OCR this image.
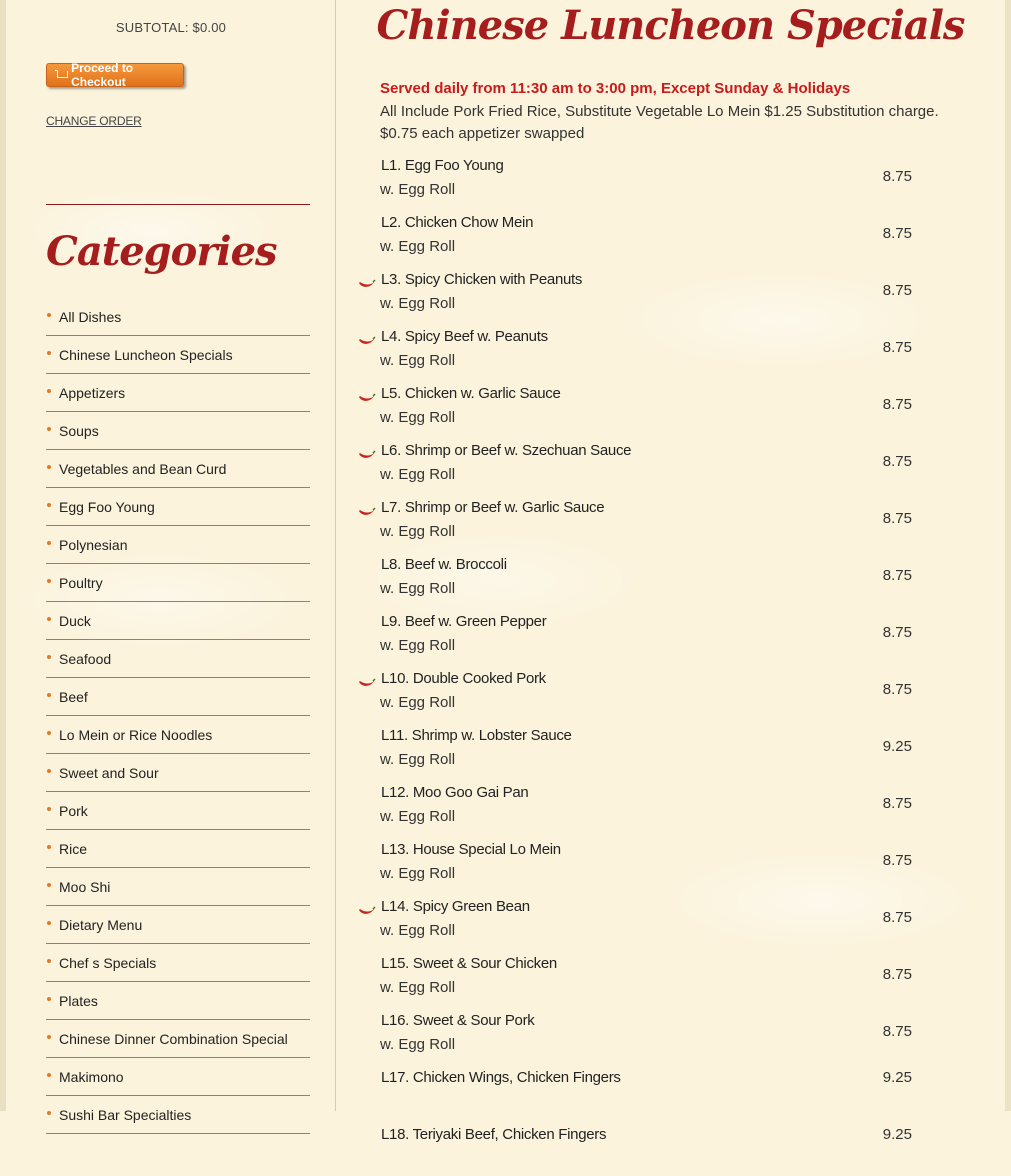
SUBTOTAL: $0.00
Proceed to Checkout
CHANGE ORDER
Categories
All Dishes
Chinese Luncheon Specials
Appetizers
Soups
Vegetables and Bean Curd
Egg Foo Young
Polynesian
Poultry
Duck
Seafood
Beef
Lo Mein or Rice Noodles
Sweet and Sour
Pork
Rice
Moo Shi
Dietary Menu
Chef s Specials
Plates
Chinese Dinner Combination Special
Makimono
Sushi Bar Specialties
Chinese Luncheon Specials
Served daily from 11:30 am to 3:00 pm, Except Sunday & Holidays
All Include Pork Fried Rice, Substitute Vegetable Lo Mein $1.25 Substitution charge. $0.75 each appetizer swapped
L1. Egg Foo Young
w. Egg Roll
8.75
L2. Chicken Chow Mein
w. Egg Roll
8.75
L3. Spicy Chicken with Peanuts
w. Egg Roll
8.75
L4. Spicy Beef w. Peanuts
w. Egg Roll
8.75
L5. Chicken w. Garlic Sauce
w. Egg Roll
8.75
L6. Shrimp or Beef w. Szechuan Sauce
w. Egg Roll
8.75
L7. Shrimp or Beef w. Garlic Sauce
w. Egg Roll
8.75
L8. Beef w. Broccoli
w. Egg Roll
8.75
L9. Beef w. Green Pepper
w. Egg Roll
8.75
L10. Double Cooked Pork
w. Egg Roll
8.75
L11. Shrimp w. Lobster Sauce
w. Egg Roll
9.25
L12. Moo Goo Gai Pan
w. Egg Roll
8.75
L13. House Special Lo Mein
w. Egg Roll
8.75
L14. Spicy Green Bean
w. Egg Roll
8.75
L15. Sweet & Sour Chicken
w. Egg Roll
8.75
L16. Sweet & Sour Pork
w. Egg Roll
8.75
L17. Chicken Wings, Chicken Fingers	9.25
L18. Teriyaki Beef, Chicken Fingers	9.25
